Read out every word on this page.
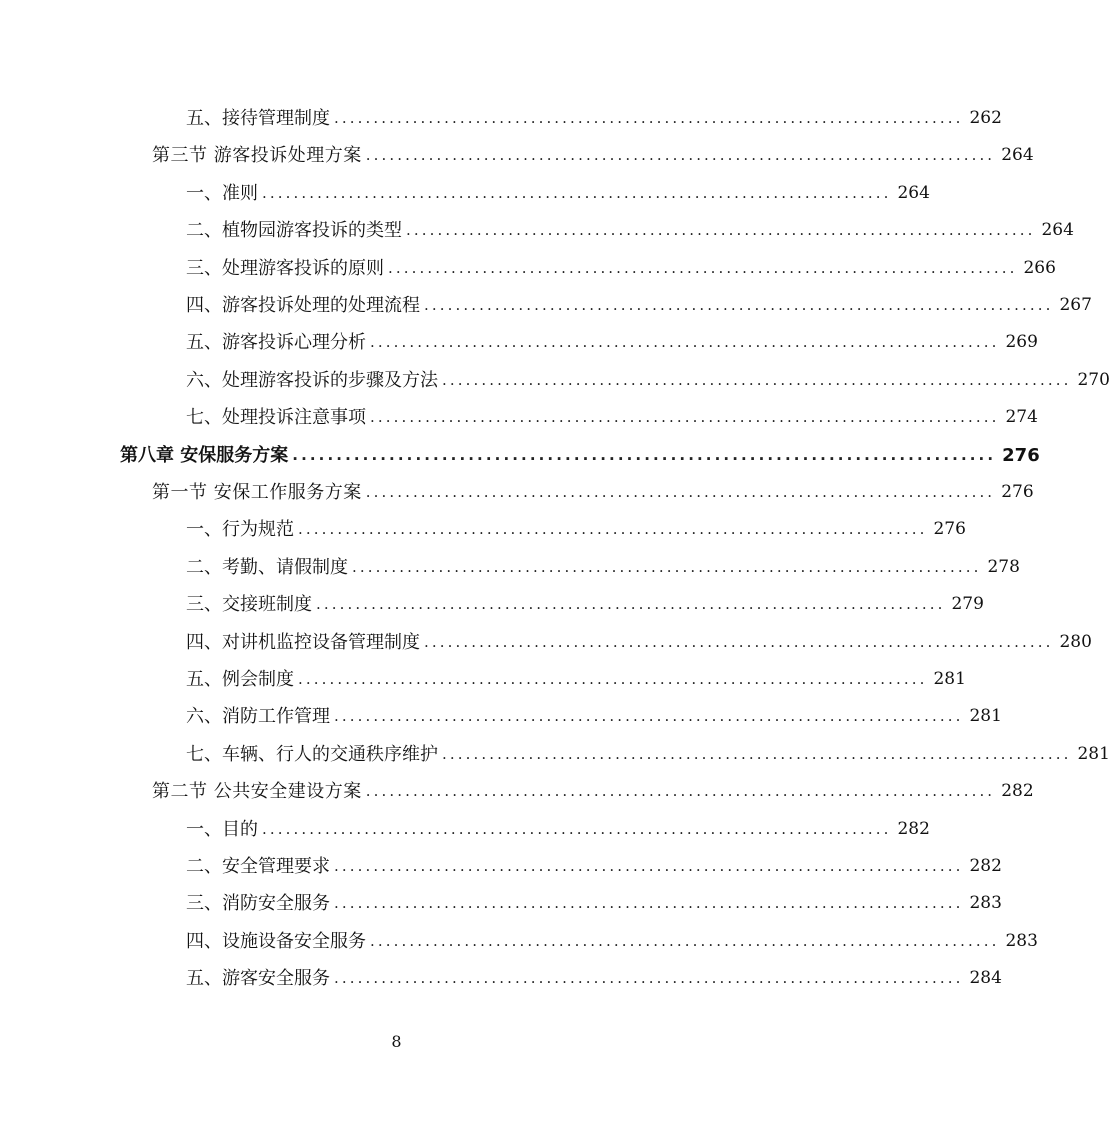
五、接待管理制度 ................................................................................ 262
第三节 游客投诉处理方案 ................................................................................ 264
一、准则 ................................................................................ 264
二、植物园游客投诉的类型 ................................................................................ 264
三、处理游客投诉的原则 ................................................................................ 266
四、游客投诉处理的处理流程 ................................................................................ 267
五、游客投诉心理分析 ................................................................................ 269
六、处理游客投诉的步骤及方法 ................................................................................ 270
七、处理投诉注意事项 ................................................................................ 274
第八章 安保服务方案 ................................................................................ 276
第一节 安保工作服务方案 ................................................................................ 276
一、行为规范 ................................................................................ 276
二、考勤、请假制度 ................................................................................ 278
三、交接班制度 ................................................................................ 279
四、对讲机监控设备管理制度 ................................................................................ 280
五、例会制度 ................................................................................ 281
六、消防工作管理 ................................................................................ 281
七、车辆、行人的交通秩序维护 ................................................................................ 281
第二节 公共安全建设方案 ................................................................................ 282
一、目的 ................................................................................ 282
二、安全管理要求 ................................................................................ 282
三、消防安全服务 ................................................................................ 283
四、设施设备安全服务 ................................................................................ 283
五、游客安全服务 ................................................................................ 284
8
